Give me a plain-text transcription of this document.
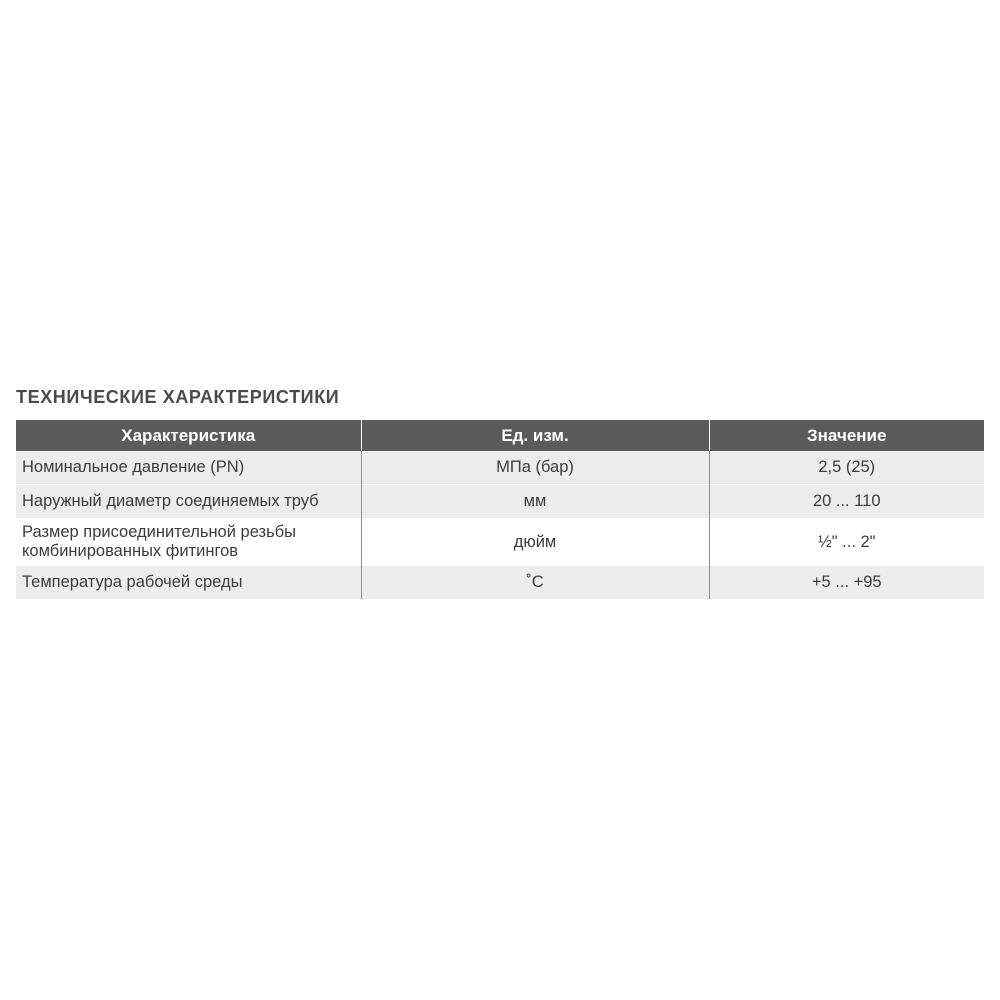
ТЕХНИЧЕСКИЕ ХАРАКТЕРИСТИКИ
Характеристика	Ед. изм.	Значение
Номинальное давление (PN)	МПа (бар)	2,5 (25)

Наружный диаметр соединяемых труб	мм	20 ... 110

Размер присоединительной резьбы
комбинированных фитингов	дюйм	½" ... 2"
Температура рабочей среды	˚С	+5 ... +95
